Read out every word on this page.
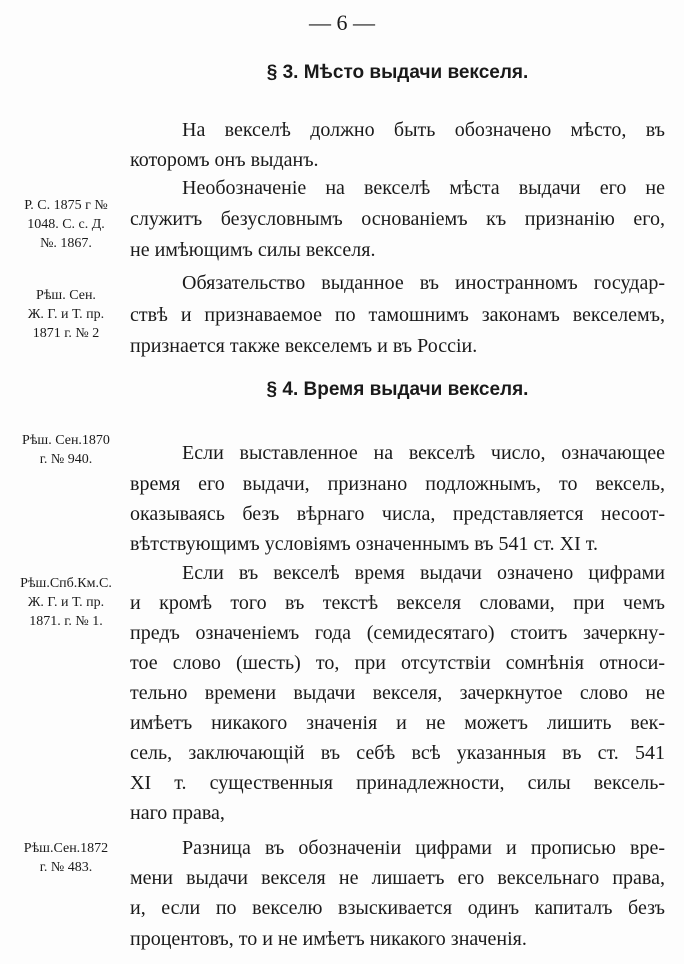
— 6 —
§ 3. Мѣсто выдачи векселя.
На векселѣ должно быть обозначено мѣсто, въ
которомъ онъ выданъ.
Необозначеніе на векселѣ мѣста выдачи его не
служитъ безусловнымъ основаніемъ къ признанію его,
не имѣющимъ силы векселя.
Р. С. 1875 г №
1048. С. с. Д.
№. 1867.
Обязательство выданное въ иностранномъ государ-
ствѣ и признаваемое по тамошнимъ законамъ векселемъ,
признается также векселемъ и въ Россіи.
Рѣш. Сен.
Ж. Г. и Т. пр.
1871 г. № 2
§ 4. Время выдачи векселя.
Если выставленное на векселѣ число, означающее
время его выдачи, признано подложнымъ, то вексель,
оказываясь безъ вѣрнаго числа, представляется несоот-
вѣтствующимъ условіямъ означеннымъ въ 541 ст. XI т.
Рѣш. Сен.1870
г. № 940.
Если въ векселѣ время выдачи означено цифрами
и кромѣ того въ текстѣ векселя словами, при чемъ
предъ означеніемъ года (семидесятаго) стоитъ зачеркну-
тое слово (шесть) то, при отсутствіи сомнѣнія относи-
тельно времени выдачи векселя, зачеркнутое слово не
имѣетъ никакого значенія и не можетъ лишить век-
сель, заключающій въ себѣ всѣ указанныя въ ст. 541
XI т. существенныя принадлежности, силы вексель-
наго права,
Рѣш.Спб.Км.С.
Ж. Г. и Т. пр.
1871. г. № 1.
Разница въ обозначеніи цифрами и прописью вре-
мени выдачи векселя не лишаетъ его вексельнаго права,
и, если по векселю взыскивается одинъ капиталъ безъ
процентовъ, то и не имѣетъ никакого значенія.
Рѣш.Сен.1872
г. № 483.
